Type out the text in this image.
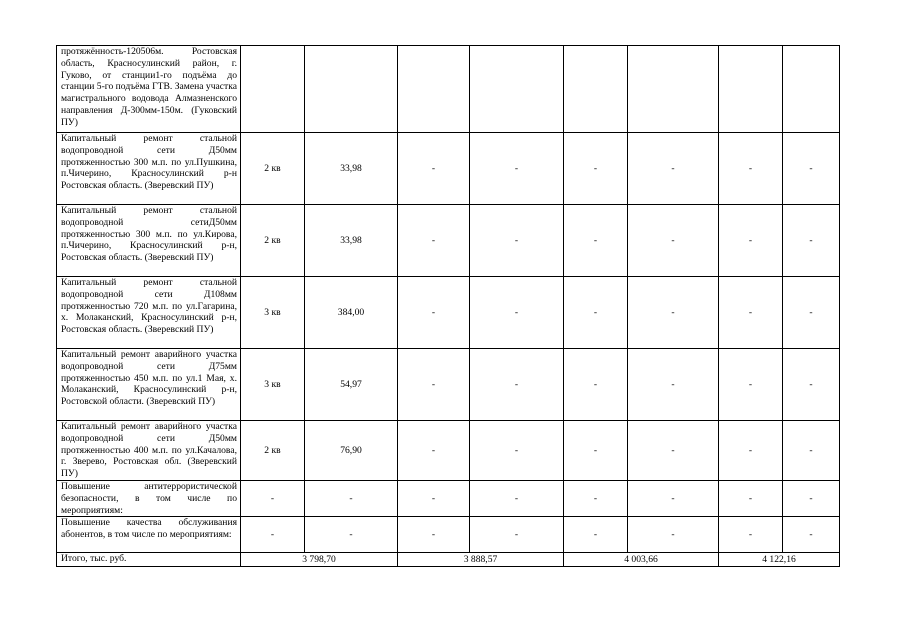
протяжённость-120506м. Ростовская область, Красносулинский район, г. Гуково, от станции1-го подъёма до станции 5-го подъёма ГТВ. Замена участка магистрального водовода Алмазненского направления Д-300мм-150м. (Гуковский ПУ)								
Капитальный ремонт стальной водопроводной сети Д50мм протяженностью 300 м.п. по ул.Пушкина, п.Чичерино, Красносулинский р-н Ростовская область. (Зверевский ПУ)	2 кв	33,98	-	-	-	-	-	-
Капитальный ремонт стальной водопроводной сетиД50мм протяженностью 300 м.п. по ул.Кирова, п.Чичерино, Красносулинский р-н, Ростовская область. (Зверевский ПУ)	2 кв	33,98	-	-	-	-	-	-
Капитальный ремонт стальной водопроводной сети Д108мм протяженностью 720 м.п. по ул.Гагарина, х. Молаканский, Красносулинский р-н, Ростовская область. (Зверевский ПУ)	3 кв	384,00	-	-	-	-	-	-
Капитальный ремонт аварийного участка водопроводной сети Д75мм протяженностью 450 м.п. по ул.1 Мая, х. Молаканский, Красносулинский р-н, Ростовской области. (Зверевский ПУ)	3 кв	54,97	-	-	-	-	-	-
Капитальный ремонт аварийного участка водопроводной сети Д50мм протяженностью 400 м.п. по ул.Качалова, г. Зверево, Ростовская обл. (Зверевский ПУ)	2 кв	76,90	-	-	-	-	-	-
Повышение антитеррористической безопасности, в том числе по мероприятиям:	-	-	-	-	-	-	-	-
Повышение качества обслуживания абонентов, в том числе по мероприятиям:	-	-	-	-	-	-	-	-
Итого, тыс. руб.	3 798,70		3 888,57		4 003,66		4 122,16	
